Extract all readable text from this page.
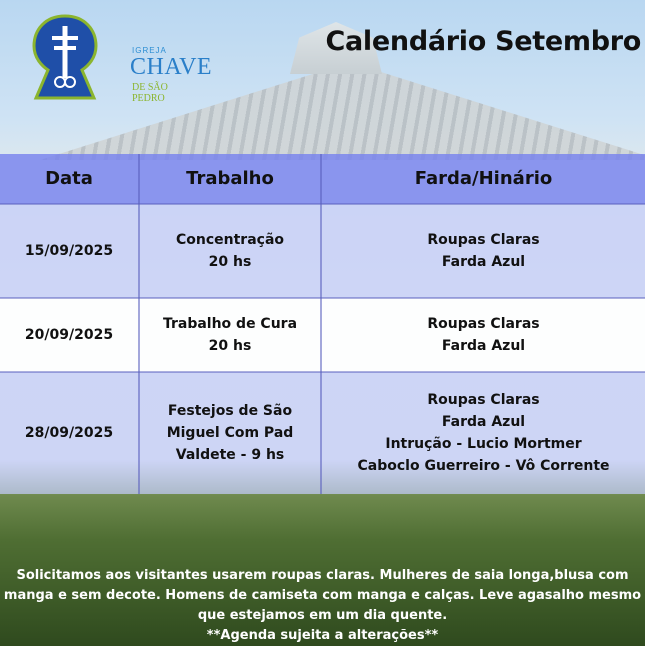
IGREJA
CHAVE
DE SÃO PEDRO
Calendário Setembro
Data	Trabalho	Farda/Hinário
15/09/2025
Concentração
20 hs
Roupas Claras
Farda Azul
20/09/2025
Trabalho de Cura
20 hs
Roupas Claras
Farda Azul
28/09/2025
Festejos de São
Miguel Com Pad
Valdete - 9 hs
Roupas Claras
Farda Azul
Intrução - Lucio Mortmer
Caboclo Guerreiro - Vô Corrente

Solicitamos aos visitantes usarem roupas claras. Mulheres de saia longa,blusa com

manga e sem decote. Homens de camiseta com manga e calças. Leve agasalho mesmo

que estejamos em um dia quente.

**Agenda sujeita a alterações**
